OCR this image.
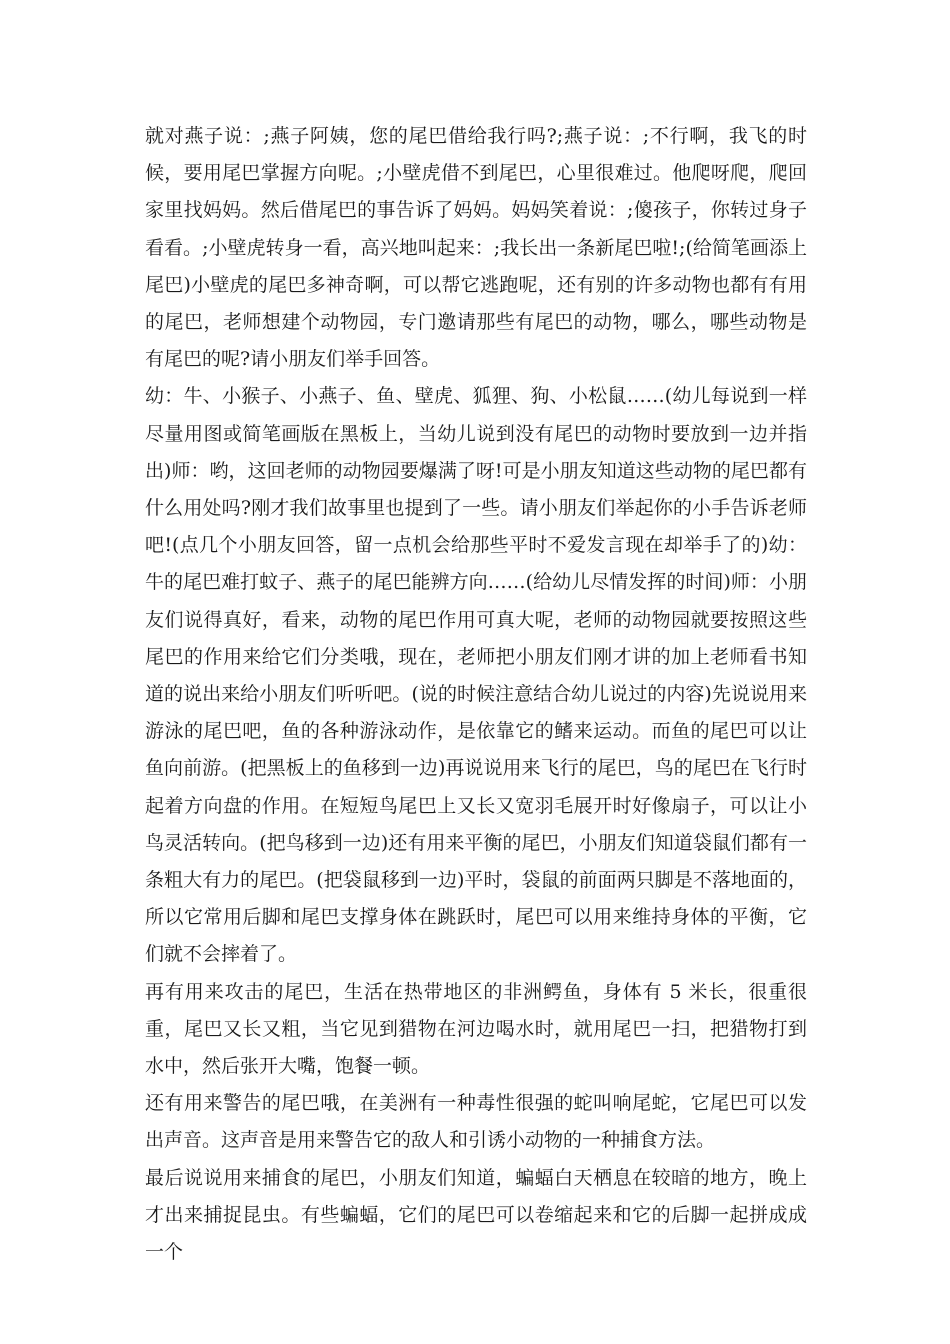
就对燕子说：;燕子阿姨，您的尾巴借给我行吗?;燕子说：;不行啊，我飞的时候，要用尾巴掌握方向呢。;小壁虎借不到尾巴，心里很难过。他爬呀爬，爬回家里找妈妈。然后借尾巴的事告诉了妈妈。妈妈笑着说：;傻孩子，你转过身子看看。;小壁虎转身一看，高兴地叫起来：;我长出一条新尾巴啦!;(给简笔画添上尾巴)小壁虎的尾巴多神奇啊，可以帮它逃跑呢，还有别的许多动物也都有有用的尾巴，老师想建个动物园，专门邀请那些有尾巴的动物，哪么，哪些动物是有尾巴的呢?请小朋友们举手回答。

幼：牛、小猴子、小燕子、鱼、壁虎、狐狸、狗、小松鼠……(幼儿每说到一样尽量用图或简笔画版在黑板上，当幼儿说到没有尾巴的动物时要放到一边并指出)师：哟，这回老师的动物园要爆满了呀!可是小朋友知道这些动物的尾巴都有什么用处吗?刚才我们故事里也提到了一些。请小朋友们举起你的小手告诉老师吧!(点几个小朋友回答，留一点机会给那些平时不爱发言现在却举手了的)幼：牛的尾巴难打蚊子、燕子的尾巴能辨方向……(给幼儿尽情发挥的时间)师：小朋友们说得真好，看来，动物的尾巴作用可真大呢，老师的动物园就要按照这些尾巴的作用来给它们分类哦，现在，老师把小朋友们刚才讲的加上老师看书知道的说出来给小朋友们听听吧。(说的时候注意结合幼儿说过的内容)先说说用来游泳的尾巴吧，鱼的各种游泳动作，是依靠它的鳍来运动。而鱼的尾巴可以让鱼向前游。(把黑板上的鱼移到一边)再说说用来飞行的尾巴，鸟的尾巴在飞行时起着方向盘的作用。在短短鸟尾巴上又长又宽羽毛展开时好像扇子，可以让小鸟灵活转向。(把鸟移到一边)还有用来平衡的尾巴，小朋友们知道袋鼠们都有一条粗大有力的尾巴。(把袋鼠移到一边)平时，袋鼠的前面两只脚是不落地面的，所以它常用后脚和尾巴支撑身体在跳跃时，尾巴可以用来维持身体的平衡，它们就不会摔着了。

再有用来攻击的尾巴，生活在热带地区的非洲鳄鱼，身体有 5 米长，很重很重，尾巴又长又粗，当它见到猎物在河边喝水时，就用尾巴一扫，把猎物打到水中，然后张开大嘴，饱餐一顿。

还有用来警告的尾巴哦，在美洲有一种毒性很强的蛇叫响尾蛇，它尾巴可以发出声音。这声音是用来警告它的敌人和引诱小动物的一种捕食方法。

最后说说用来捕食的尾巴，小朋友们知道，蝙蝠白天栖息在较暗的地方，晚上才出来捕捉昆虫。有些蝙蝠，它们的尾巴可以卷缩起来和它的后脚一起拼成成一个
